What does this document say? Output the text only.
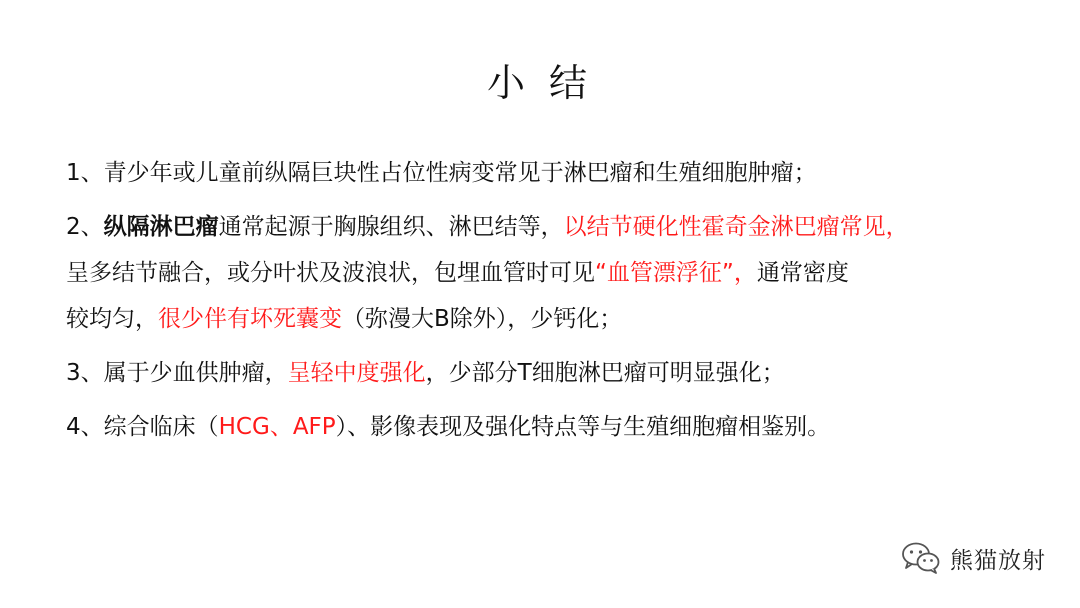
小 结

1、青少年或儿童前纵隔巨块性占位性病变常见于淋巴瘤和生殖细胞肿瘤；

2、纵隔淋巴瘤通常起源于胸腺组织、淋巴结等，以结节硬化性霍奇金淋巴瘤常见，

呈多结节融合，或分叶状及波浪状，包埋血管时可见“血管漂浮征”，通常密度

较均匀，很少伴有坏死囊变（弥漫大B除外），少钙化；

3、属于少血供肿瘤，呈轻中度强化，少部分T细胞淋巴瘤可明显强化；

4、综合临床（HCG、AFP）、影像表现及强化特点等与生殖细胞瘤相鉴别。

熊猫放射
